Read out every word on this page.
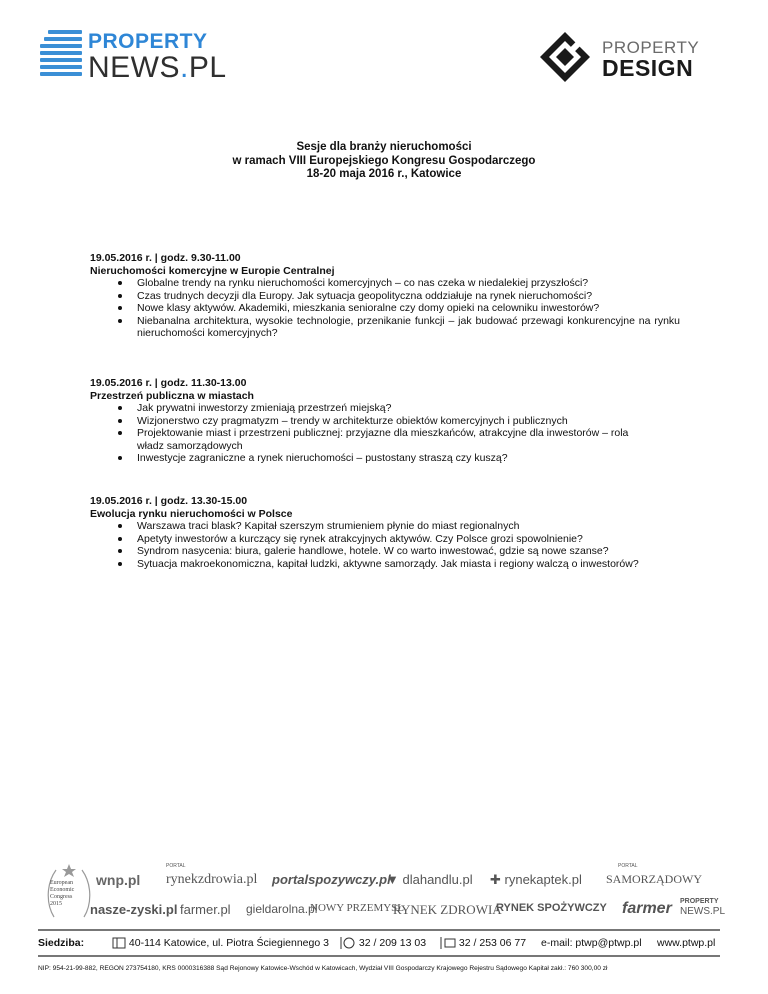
PROPERTY
NEWS.PL
PROPERTY
DESIGN
Sesje dla branży nieruchomości
w ramach VIII Europejskiego Kongresu Gospodarczego
18-20 maja 2016 r., Katowice
19.05.2016 r. | godz. 9.30-11.00
Nieruchomości komercyjne w Europie Centralnej
Globalne trendy na rynku nieruchomości komercyjnych – co nas czeka w niedalekiej przyszłości?
Czas trudnych decyzji dla Europy. Jak sytuacja geopolityczna oddziałuje na rynek nieruchomości?
Nowe klasy aktywów. Akademiki, mieszkania senioralne czy domy opieki na celowniku inwestorów?
Niebanalna architektura, wysokie technologie, przenikanie funkcji – jak budować przewagi konkurencyjne na rynku nieruchomości komercyjnych?
19.05.2016 r. | godz. 11.30-13.00
Przestrzeń publiczna w miastach
Jak prywatni inwestorzy zmieniają przestrzeń miejską?
Wizjonerstwo czy pragmatyzm – trendy w architekturze obiektów komercyjnych i publicznych
Projektowanie miast i przestrzeni publicznej: przyjazne dla mieszkańców, atrakcyjne dla inwestorów – rola władz samorządowych
Inwestycje zagraniczne a rynek nieruchomości – pustostany straszą czy kuszą?
19.05.2016 r. | godz. 13.30-15.00
Ewolucja rynku nieruchomości w Polsce
Warszawa traci blask? Kapitał szerszym strumieniem płynie do miast regionalnych
Apetyty inwestorów a kurczący się rynek atrakcyjnych aktywów. Czy Polsce grozi spowolnienie?
Syndrom nasycenia: biura, galerie handlowe, hotele. W co warto inwestować, gdzie są nowe szanse?
Sytuacja makroekonomiczna, kapitał ludzki, aktywne samorządy. Jak miasta i regiony walczą o inwestorów?
European
Economic
Congress
2015
wnp.pl
PORTAL
rynekzdrowia.pl portalspozywczy.pl
▼ dlahandlu.pl ✚ rynekaptek.pl
PORTAL
SAMORZĄDOWY
nasze-zyski.pl farmer.pl gieldarolna.pl
NOWY PRZEMYSŁ
RYNEK ZDROWIA
RYNEK SPOŻYWCZY farmer PROPERTY
NEWS.PL
Siedziba:	40-114 Katowice, ul. Piotra Ściegiennego 3	32 / 209 13 03	32 / 253 06 77 e-mail: ptwp@ptwp.pl www.ptwp.pl
NIP: 954-21-99-882, REGON 273754180, KRS 0000316388 Sąd Rejonowy Katowice-Wschód w Katowicach, Wydział VIII Gospodarczy Krajowego Rejestru Sądowego Kapitał zakł.: 760 300,00 zł
